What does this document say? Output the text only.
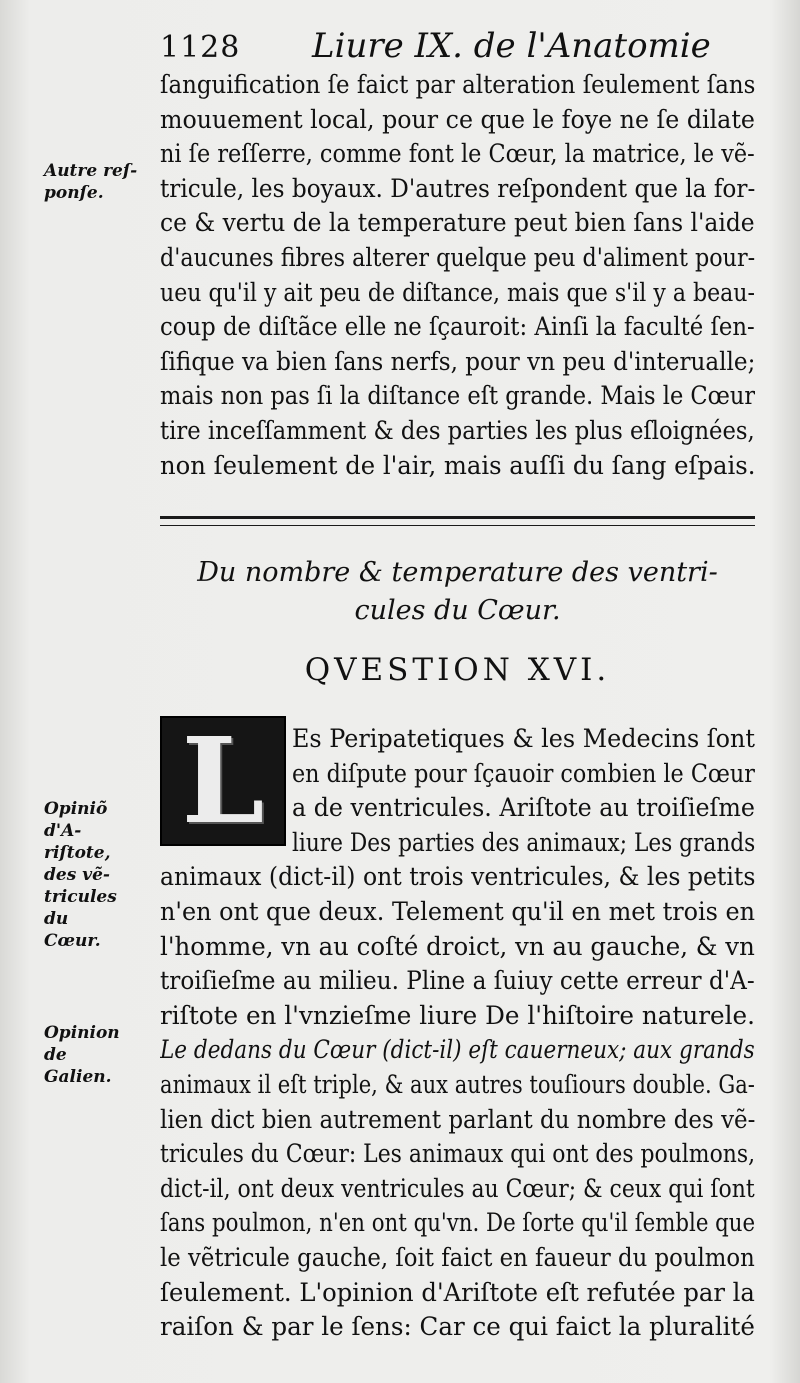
1128 Liure IX. de l'Anatomie
ſanguification ſe faict par alteration ſeulement ſans
mouuement local, pour ce que le foye ne ſe dilate
ni ſe reſſerre, comme font le Cœur, la matrice, le vẽ-
tricule, les boyaux. D'autres reſpondent que la for-
ce & vertu de la temperature peut bien ſans l'aide
d'aucunes fibres alterer quelque peu d'aliment pour-
ueu qu'il y ait peu de diſtance, mais que s'il y a beau-
coup de diſtãce elle ne ſçauroit: Ainſi la faculté ſen-
ſifique va bien ſans nerfs, pour vn peu d'interualle;
mais non pas ſi la diſtance eſt grande. Mais le Cœur
tire inceſſamment & des parties les plus eſloignées,
non ſeulement de l'air, mais auſſi du ſang eſpais.
Autre reſ-
ponſe.
Du nombre & temperature des ventri-
cules du Cœur.
QVESTION XVI.
L Es Peripatetiques & les Medecins ſont
en diſpute pour ſçauoir combien le Cœur
a de ventricules. Ariſtote au troiſieſme
liure Des parties des animaux; Les grands
animaux (dict-il) ont trois ventricules, & les petits
n'en ont que deux. Telement qu'il en met trois en
l'homme, vn au coſté droict, vn au gauche, & vn
troiſieſme au milieu. Pline a ſuiuy cette erreur d'A-
riſtote en l'vnzieſme liure De l'hiſtoire naturele.
Le dedans du Cœur (dict-il) eſt cauerneux; aux grands
animaux il eſt triple, & aux autres touſiours double. Ga-
lien dict bien autrement parlant du nombre des vẽ-
tricules du Cœur: Les animaux qui ont des poulmons,
dict-il, ont deux ventricules au Cœur; & ceux qui ſont
ſans poulmon, n'en ont qu'vn. De ſorte qu'il ſemble que
le vẽtricule gauche, ſoit faict en faueur du poulmon
ſeulement. L'opinion d'Ariſtote eſt refutée par la
raiſon & par le ſens: Car ce qui faict la pluralité
Opiniõ d'A-
riſtote, des vẽ-
tricules du
Cœur.
Opinion de
Galien.
